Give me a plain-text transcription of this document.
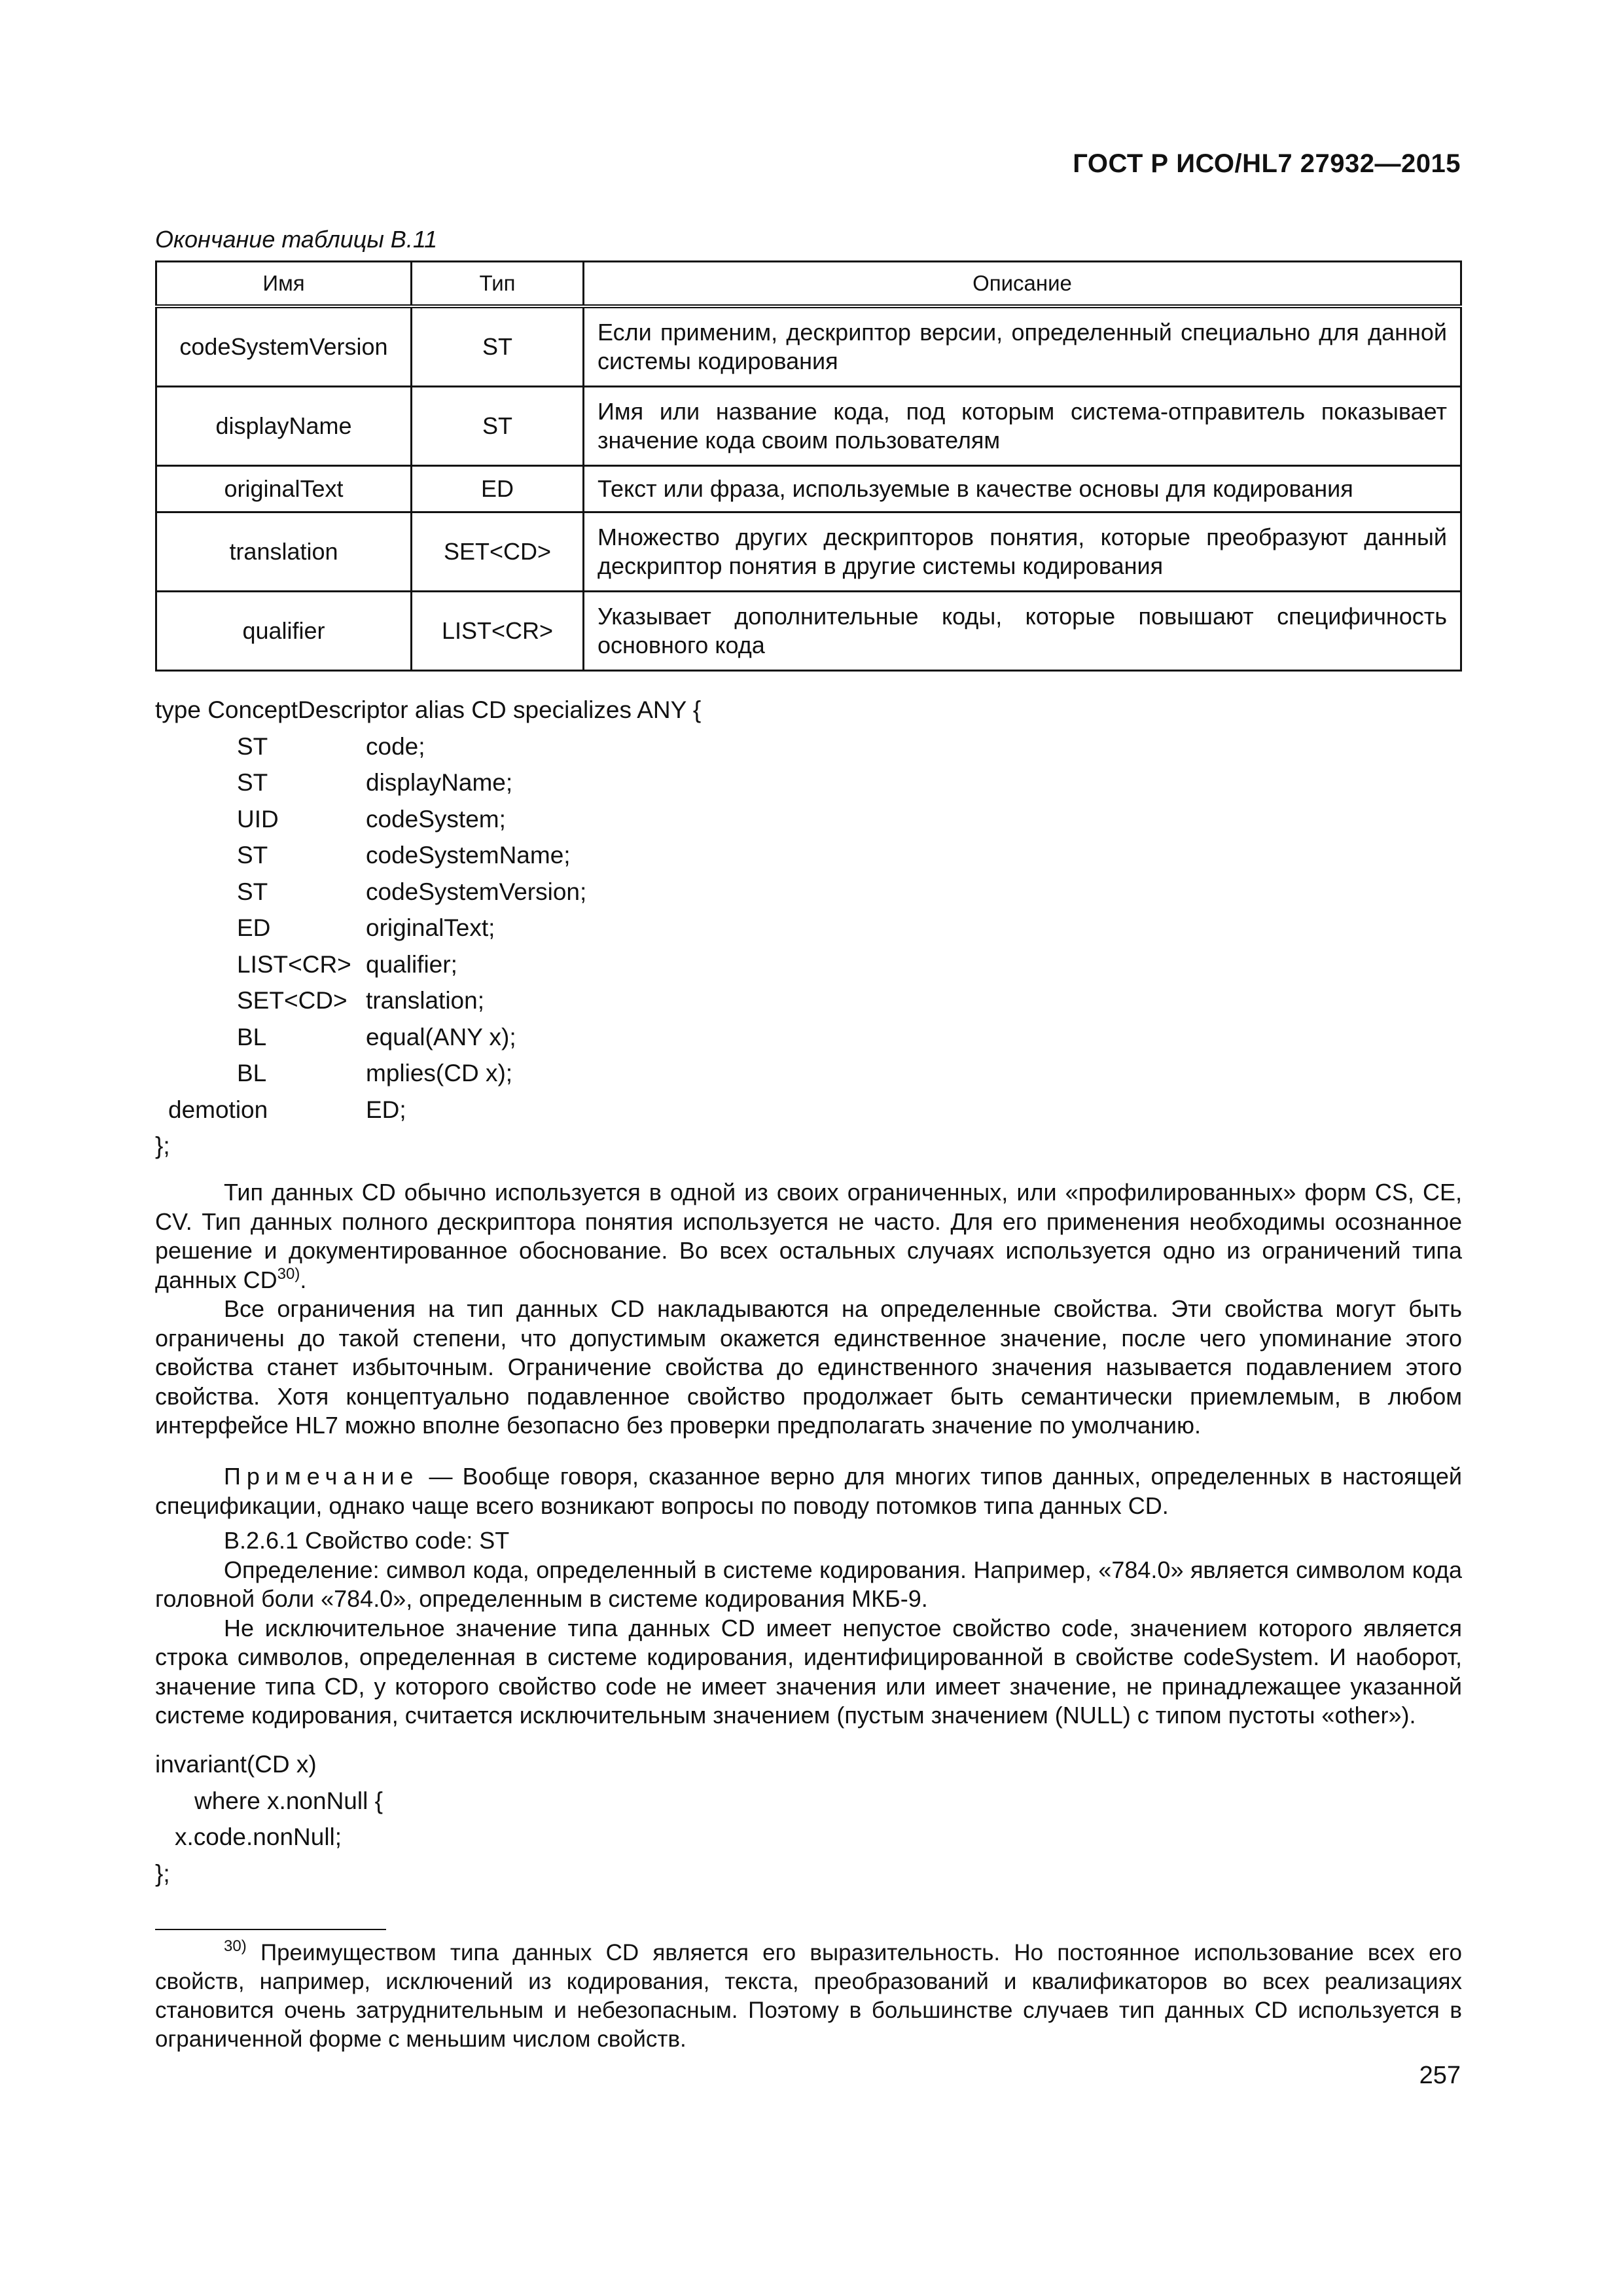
ГОСТ Р ИСО/HL7 27932—2015
Окончание таблицы В.11
Имя	Тип	Описание
codeSystemVersion	ST	Если применим, дескриптор версии, определенный специально для данной системы кодирования
displayName	ST	Имя или название кода, под которым система-отправитель показывает значение кода своим пользователям
originalText	ED	Текст или фраза, используемые в качестве основы для кодирования
translation	SET<CD>	Множество других дескрипторов понятия, которые преобразуют данный дескриптор понятия в другие системы кодирования
qualifier	LIST<CR>	Указывает дополнительные коды, которые повышают специфичность основного кода
type ConceptDescriptor alias CD specializes ANY {
ST	code;
ST	displayName;
UID	codeSystem;
ST	codeSystemName;
ST	codeSystemVersion;
ED	originalText;
LIST<CR> qualifier;
SET<CD> translation;
BL	equal(ANY x);
BL	mplies(CD x);
demotion	ED;
};

Тип данных CD обычно используется в одной из своих ограниченных, или «профилированных» форм CS, CE, CV. Тип данных полного дескриптора понятия используется не часто. Для его применения необходимы осознанное решение и документированное обоснование. Во всех остальных случаях используется одно из ограничений типа данных CD$^{30)}$.

Все ограничения на тип данных CD накладываются на определенные свойства. Эти свойства могут быть ограничены до такой степени, что допустимым окажется единственное значение, после чего упоминание этого свойства станет избыточным. Ограничение свойства до единственного значения называется подавлением этого свойства. Хотя концептуально подавленное свойство продолжает быть семантически приемлемым, в любом интерфейсе HL7 можно вполне безопасно без проверки предполагать значение по умолчанию.

Примечание — Вообще говоря, сказанное верно для многих типов данных, определенных в настоящей спецификации, однако чаще всего возникают вопросы по поводу потомков типа данных CD.

B.2.6.1 Свойство code: ST

Определение: символ кода, определенный в системе кодирования. Например, «784.0» является символом кода головной боли «784.0», определенным в системе кодирования МКБ-9.

Не исключительное значение типа данных CD имеет непустое свойство code, значением которого является строка символов, определенная в системе кодирования, идентифицированной в свойстве codeSystem. И наоборот, значение типа CD, у которого свойство code не имеет значения или имеет значение, не принадлежащее указанной системе кодирования, считается исключительным значением (пустым значением (NULL) с типом пустоты «other»).

invariant(CD x)
where x.nonNull {
x.code.nonNull;
};

$^{30)}$ Преимуществом типа данных CD является его выразительность. Но постоянное использование всех его свойств, например, исключений из кодирования, текста, преобразований и квалификаторов во всех реализациях становится очень затруднительным и небезопасным. Поэтому в большинстве случаев тип данных CD используется в ограниченной форме с меньшим числом свойств.

257
